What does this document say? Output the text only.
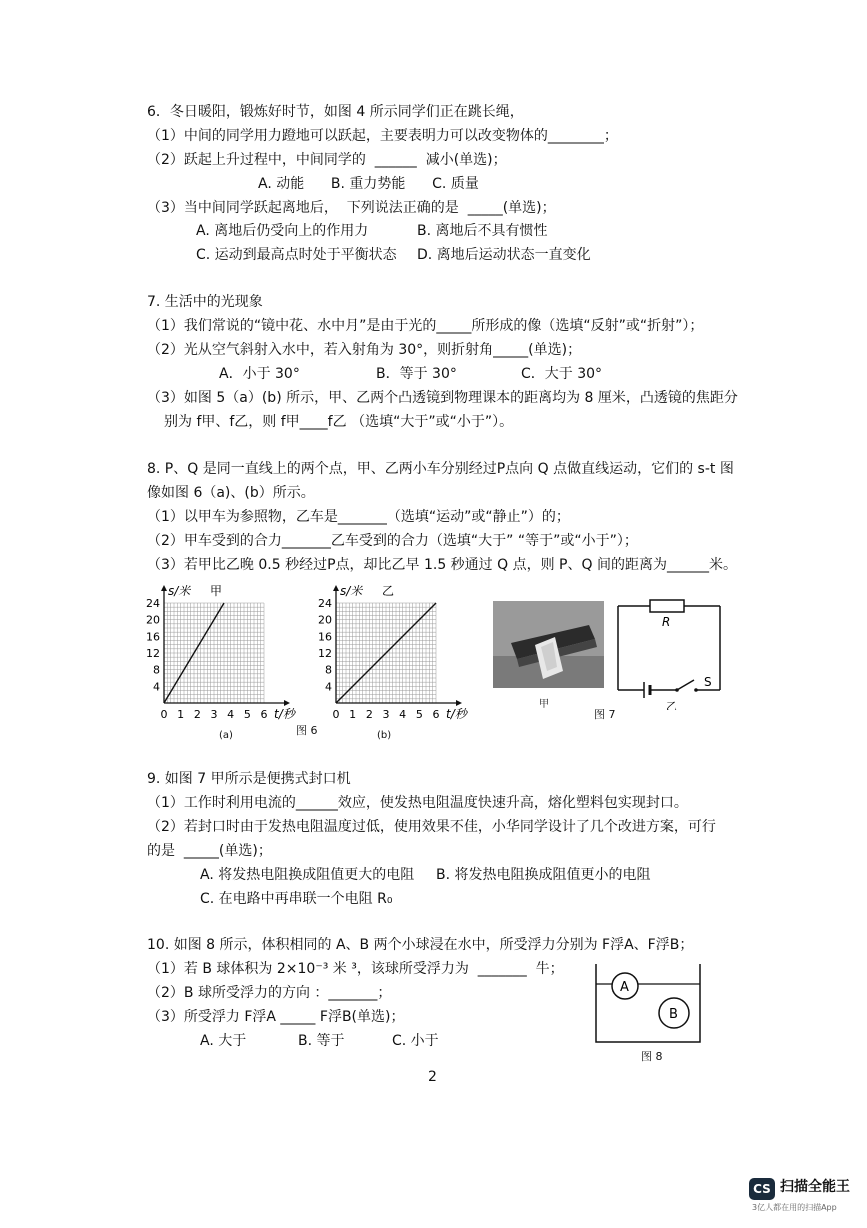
6．冬日暖阳，锻炼好时节，如图 4 所示同学们正在跳长绳，
（1）中间的同学用力蹬地可以跃起，主要表明力可以改变物体的________；
（2）跃起上升过程中，中间同学的  ______  减小(单选)；
A. 动能      B. 重力势能      C. 质量
（3）当中间同学跃起离地后，  下列说法正确的是  _____(单选)；
A. 离地后仍受向上的作用力	B. 离地后不具有惯性
C. 运动到最高点时处于平衡状态 D. 离地后运动状态一直变化
7. 生活中的光现象
（1）我们常说的“镜中花、水中月”是由于光的_____所形成的像（选填“反射”或“折射”）；
（2）光从空气斜射入水中，若入射角为 30°，则折射角_____(单选)；
A．小于 30°	B．等于 30°	C．大于 30°
（3）如图 5（a）(b) 所示，甲、乙两个凸透镜到物理课本的距离均为 8 厘米，凸透镜的焦距分
别为 f甲、f乙，则 f甲____f乙 （选填“大于”或“小于”）。
8. P、Q 是同一直线上的两个点，甲、乙两小车分别经过P点向 Q 点做直线运动，它们的 s-t 图
像如图 6（a)、(b）所示。
（1）以甲车为参照物，乙车是_______（选填“运动”或“静止”）的；
（2）甲车受到的合力_______乙车受到的合力（选填“大于” “等于”或“小于”）；
（3）若甲比乙晚 0.5 秒经过P点，却比乙早 1.5 秒通过 Q 点，则 P、Q 间的距离为______米。
24
20
16
12
8
4
0 1 2 3 4 5 6
s/米
t/秒
甲
24
20
16
12
8
4
0 1 2 3 4 5 6
s/米
t/秒
乙
(a)	图 6	(b)
甲
图 7
R
S
乙
9. 如图 7 甲所示是便携式封口机
（1）工作时利用电流的______效应，使发热电阻温度快速升高，熔化塑料包实现封口。
（2）若封口时由于发热电阻温度过低，使用效果不佳，小华同学设计了几个改进方案，可行
的是  _____(单选)；
A. 将发热电阻换成阻值更大的电阻 B. 将发热电阻换成阻值更小的电阻
C. 在电路中再串联一个电阻 R₀
10. 如图 8 所示，体积相同的 A、B 两个小球浸在水中，所受浮力分别为 F浮A、F浮B；
（1）若 B 球体积为 2×10⁻³ 米 ³，该球所受浮力为  _______  牛；
（2）B 球所受浮力的方向 ：_______；
（3）所受浮力 F浮A _____ F浮B(单选)；
A. 大于	B. 等于	C. 小于
A
B
图 8
2
CS 扫描全能王
3亿人都在用的扫描App
